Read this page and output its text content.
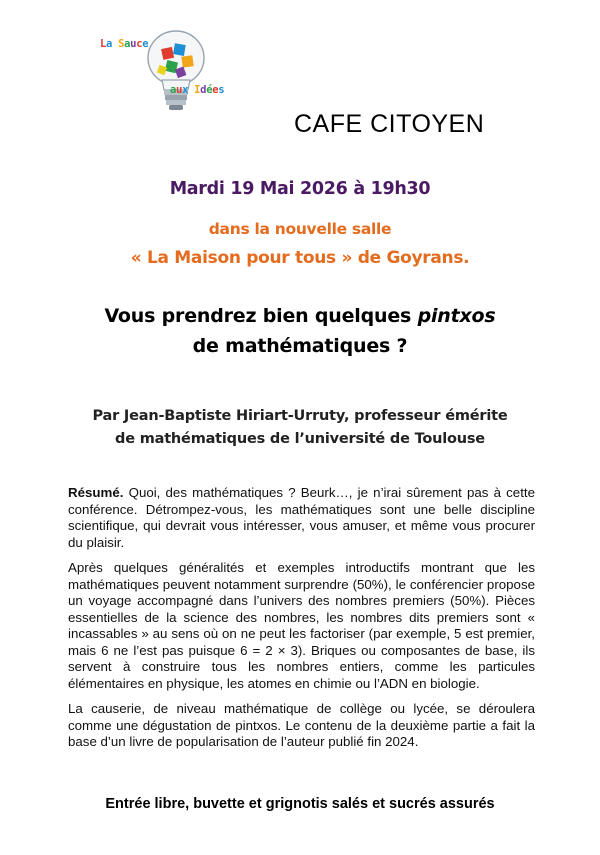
La Sauce
aux Idées
CAFE CITOYEN
Mardi 19 Mai 2026 à 19h30
dans la nouvelle salle
« La Maison pour tous » de Goyrans.
Vous prendrez bien quelques pintxos
de mathématiques ?
Par Jean-Baptiste Hiriart-Urruty, professeur émérite
de mathématiques de l’université de Toulouse

Résumé. Quoi, des mathématiques ? Beurk…, je n’irai sûrement pas à cette conférence. Détrompez-vous, les mathématiques sont une belle discipline scientifique, qui devrait vous intéresser, vous amuser, et même vous procurer du plaisir.

Après quelques généralités et exemples introductifs montrant que les mathématiques peuvent notamment surprendre (50%), le conférencier propose un voyage accompagné dans l’univers des nombres premiers (50%). Pièces essentielles de la science des nombres, les nombres dits premiers sont « incassables » au sens où on ne peut les factoriser (par exemple, 5 est premier, mais 6 ne l’est pas puisque 6 = 2 × 3). Briques ou composantes de base, ils servent à construire tous les nombres entiers, comme les particules élémentaires en physique, les atomes en chimie ou l’ADN en biologie.

La causerie, de niveau mathématique de collège ou lycée, se déroulera comme une dégustation de pintxos. Le contenu de la deuxième partie a fait la base d’un livre de popularisation de l’auteur publié fin 2024.

Entrée libre, buvette et grignotis salés et sucrés assurés
